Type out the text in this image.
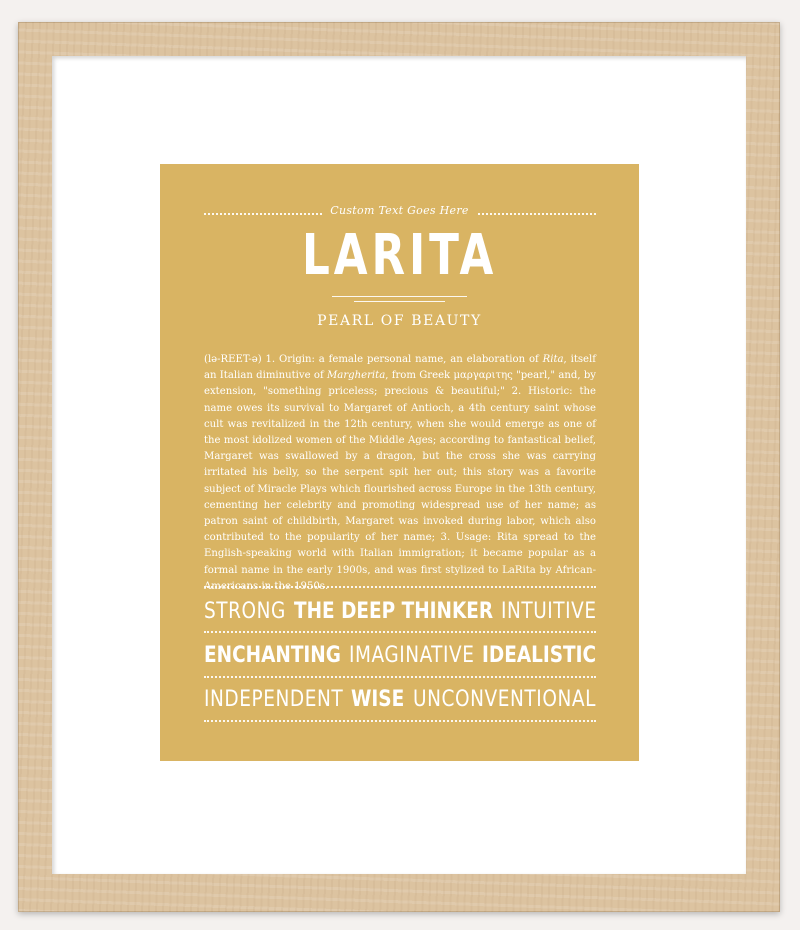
Custom Text Goes Here
LARITA
PEARL OF BEAUTY
(lə-REET-ə) 1. Origin: a female personal name, an elaboration of Rita, itself an Italian diminutive of Margherita, from Greek μαργαριτης "pearl," and, by extension, "something priceless; precious & beautiful;" 2. Historic: the name owes its survival to Margaret of Antioch, a 4th century saint whose cult was revitalized in the 12th century, when she would emerge as one of the most idolized women of the Middle Ages; according to fantastical belief, Margaret was swallowed by a dragon, but the cross she was carrying irritated his belly, so the serpent spit her out; this story was a favorite subject of Miracle Plays which flourished across Europe in the 13th century, cementing her celebrity and promoting widespread use of her name; as patron saint of childbirth, Margaret was invoked during labor, which also contributed to the popularity of her name; 3. Usage: Rita spread to the English-speaking world with Italian immigration; it became popular as a formal name in the early 1900s, and was first stylized to LaRita by African-Americans in the 1950s.
STRONG THE DEEP THINKER INTUITIVE
ENCHANTING IMAGINATIVE IDEALISTIC
INDEPENDENT WISE UNCONVENTIONAL
